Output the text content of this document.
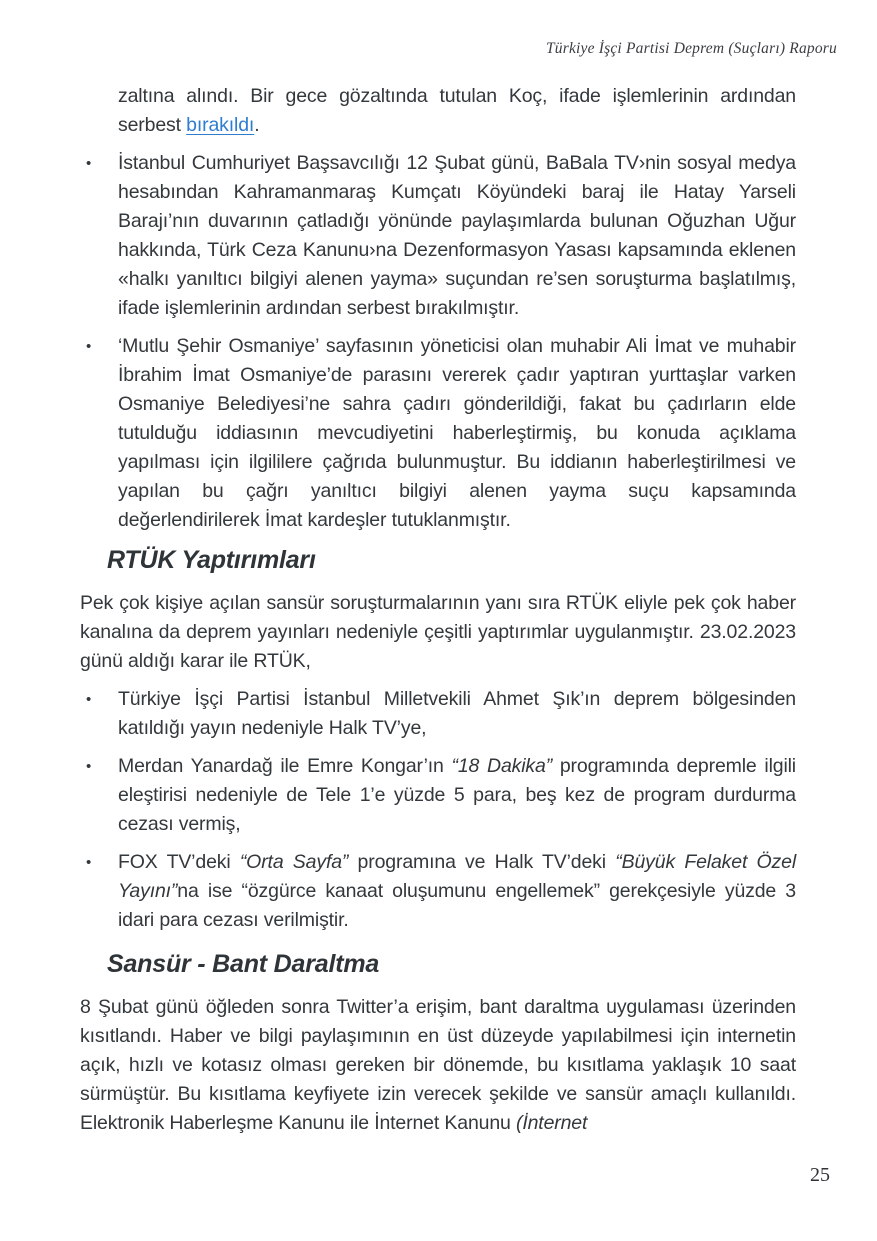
Türkiye İşçi Partisi Deprem (Suçları) Raporu

zaltına alındı. Bir gece gözaltında tutulan Koç, ifade işlemlerinin ardından serbest bırakıldı.

• İstanbul Cumhuriyet Başsavcılığı 12 Şubat günü, BaBala TV›nin sosyal medya hesabından Kahramanmaraş Kumçatı Köyündeki baraj ile Hatay Yarseli Barajı’nın duvarının çatladığı yönünde paylaşımlarda bulunan Oğuzhan Uğur hakkında, Türk Ceza Kanunu›na Dezenformasyon Yasası kapsamında eklenen «halkı yanıltıcı bilgiyi alenen yayma» suçundan re’sen soruşturma başlatılmış, ifade işlemlerinin ardından serbest bırakılmıştır.

• ‘Mutlu Şehir Osmaniye’ sayfasının yöneticisi olan muhabir Ali İmat ve muhabir İbrahim İmat Osmaniye’de parasını vererek çadır yaptıran yurttaşlar varken Osmaniye Belediyesi’ne sahra çadırı gönderildiği, fakat bu çadırların elde tutulduğu iddiasının mevcudiyetini haberleştirmiş, bu konuda açıklama yapılması için ilgililere çağrıda bulunmuştur. Bu iddianın haberleştirilmesi ve yapılan bu çağrı yanıltıcı bilgiyi alenen yayma suçu kapsamında değerlendirilerek İmat kardeşler tutuklanmıştır.

RTÜK Yaptırımları

Pek çok kişiye açılan sansür soruşturmalarının yanı sıra RTÜK eliyle pek çok haber kanalına da deprem yayınları nedeniyle çeşitli yaptırımlar uygulanmıştır. 23.02.2023 günü aldığı karar ile RTÜK,

• Türkiye İşçi Partisi İstanbul Milletvekili Ahmet Şık’ın deprem bölgesinden katıldığı yayın nedeniyle Halk TV’ye,

• Merdan Yanardağ ile Emre Kongar’ın “18 Dakika” programında depremle ilgili eleştirisi nedeniyle de Tele 1’e yüzde 5 para, beş kez de program durdurma cezası vermiş,

• FOX TV’deki “Orta Sayfa” programına ve Halk TV’deki “Büyük Felaket Özel Yayını”na ise “özgürce kanaat oluşumunu engellemek” gerekçesiyle yüzde 3 idari para cezası verilmiştir.

Sansür - Bant Daraltma

8 Şubat günü öğleden sonra Twitter’a erişim, bant daraltma uygulaması üzerinden kısıtlandı. Haber ve bilgi paylaşımının en üst düzeyde yapılabilmesi için internetin açık, hızlı ve kotasız olması gereken bir dönemde, bu kısıtlama yaklaşık 10 saat sürmüştür. Bu kısıtlama keyfiyete izin verecek şekilde ve sansür amaçlı kullanıldı. Elektronik Haberleşme Kanunu ile İnternet Kanunu (İnternet

25
